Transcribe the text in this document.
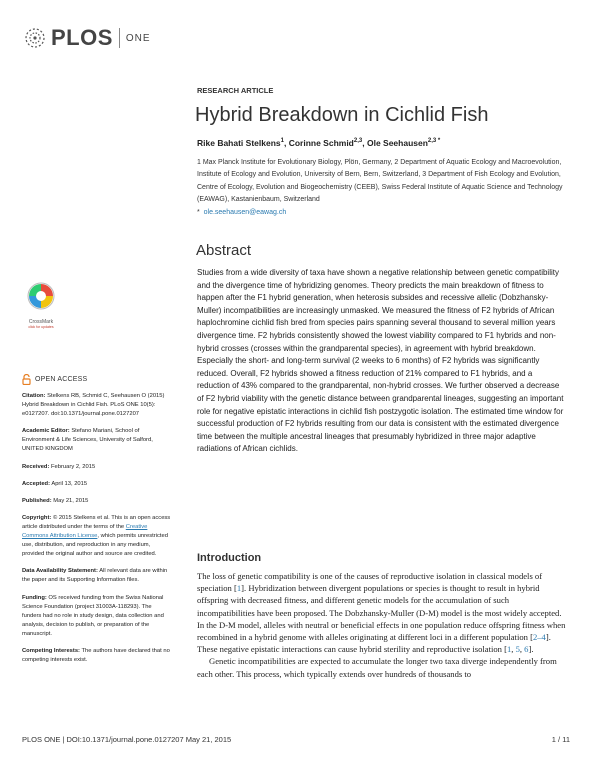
PLOS ONE
RESEARCH ARTICLE
Hybrid Breakdown in Cichlid Fish
Rike Bahati Stelkens$^1$, Corinne Schmid$^{2,3}$, Ole Seehausen$^{2,3 *}$
1 Max Planck Institute for Evolutionary Biology, Plön, Germany, 2 Department of Aquatic Ecology and Macroevolution, Institute of Ecology and Evolution, University of Bern, Bern, Switzerland, 3 Department of Fish Ecology and Evolution, Centre of Ecology, Evolution and Biogeochemistry (CEEB), Swiss Federal Institute of Aquatic Science and Technology (EAWAG), Kastanienbaum, Switzerland
* ole.seehausen@eawag.ch
Abstract
Studies from a wide diversity of taxa have shown a negative relationship between genetic compatibility and the divergence time of hybridizing genomes. Theory predicts the main breakdown of fitness to happen after the F1 hybrid generation, when heterosis subsides and recessive allelic (Dobzhansky-Muller) incompatibilities are increasingly unmasked. We measured the fitness of F2 hybrids of African haplochromine cichlid fish bred from species pairs spanning several thousand to several million years divergence time. F2 hybrids consistently showed the lowest viability compared to F1 hybrids and non-hybrid crosses (crosses within the grandparental species), in agreement with hybrid breakdown. Especially the short- and long-term survival (2 weeks to 6 months) of F2 hybrids was significantly reduced. Overall, F2 hybrids showed a fitness reduction of 21% compared to F1 hybrids, and a reduction of 43% compared to the grandparental, non-hybrid crosses. We further observed a decrease of F2 hybrid viability with the genetic distance between grandparental lineages, suggesting an important role for negative epistatic interactions in cichlid fish postzygotic isolation. The estimated time window for successful production of F2 hybrids resulting from our data is consistent with the estimated divergence time between the multiple ancestral lineages that presumably hybridized in three major adaptive radiations of African cichlids.
CrossMark
click for updates
OPEN ACCESS

Citation: Stelkens RB, Schmid C, Seehausen O (2015) Hybrid Breakdown in Cichlid Fish. PLoS ONE 10(5): e0127207. doi:10.1371/journal.pone.0127207

Academic Editor: Stefano Mariani, School of Environment & Life Sciences, University of Salford, UNITED KINGDOM

Received: February 2, 2015

Accepted: April 13, 2015

Published: May 21, 2015

Copyright: © 2015 Stelkens et al. This is an open access article distributed under the terms of the Creative Commons Attribution License, which permits unrestricted use, distribution, and reproduction in any medium, provided the original author and source are credited.

Data Availability Statement: All relevant data are within the paper and its Supporting Information files.

Funding: OS received funding from the Swiss National Science Foundation (project 31003A-118293). The funders had no role in study design, data collection and analysis, decision to publish, or preparation of the manuscript.

Competing Interests: The authors have declared that no competing interests exist.

Introduction

The loss of genetic compatibility is one of the causes of reproductive isolation in classical models of speciation [1]. Hybridization between divergent populations or species is thought to result in hybrid offspring with decreased fitness, and different genetic models for the accumulation of such incompatibilities have been proposed. The Dobzhansky-Muller (D-M) model is the most widely accepted. In the D-M model, alleles with neutral or beneficial effects in one population reduce offspring fitness when recombined in a hybrid genome with alleles originating at different loci in a different population [2–4]. These negative epistatic interactions can cause hybrid sterility and reproductive isolation [1, 5, 6].

Genetic incompatibilities are expected to accumulate the longer two taxa diverge independently from each other. This process, which typically extends over hundreds of thousands to

PLOS ONE | DOI:10.1371/journal.pone.0127207 May 21, 2015	1 / 11
